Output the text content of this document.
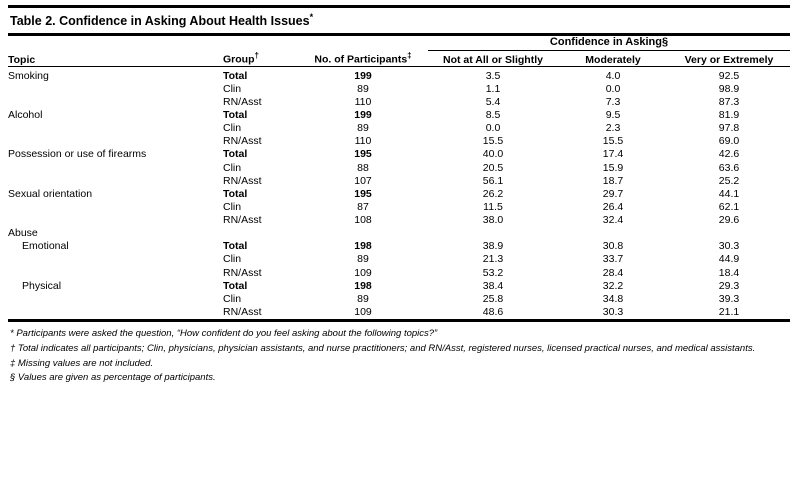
Table 2. Confidence in Asking About Health Issues*
			Confidence in Asking§		

Topic	Group†	No. of Participants‡	Not at All or Slightly	Moderately	Very or Extremely
Smoking	Total	199	3.5	4.0	92.5
	Clin	89	1.1	0.0	98.9
	RN/Asst	110	5.4	7.3	87.3
Alcohol	Total	199	8.5	9.5	81.9
	Clin	89	0.0	2.3	97.8
	RN/Asst	110	15.5	15.5	69.0
Possession or use of firearms	Total	195	40.0	17.4	42.6
	Clin	88	20.5	15.9	63.6
	RN/Asst	107	56.1	18.7	25.2
Sexual orientation	Total	195	26.2	29.7	44.1
	Clin	87	11.5	26.4	62.1
	RN/Asst	108	38.0	32.4	29.6
Abuse					
Emotional	Total	198	38.9	30.8	30.3
	Clin	89	21.3	33.7	44.9
	RN/Asst	109	53.2	28.4	18.4
Physical	Total	198	38.4	32.2	29.3
	Clin	89	25.8	34.8	39.3
	RN/Asst	109	48.6	30.3	21.1
* Participants were asked the question, “How confident do you feel asking about the following topics?”
† Total indicates all participants; Clin, physicians, physician assistants, and nurse practitioners; and RN/Asst, registered nurses, licensed practical nurses, and medical assistants.
‡ Missing values are not included.
§ Values are given as percentage of participants.
